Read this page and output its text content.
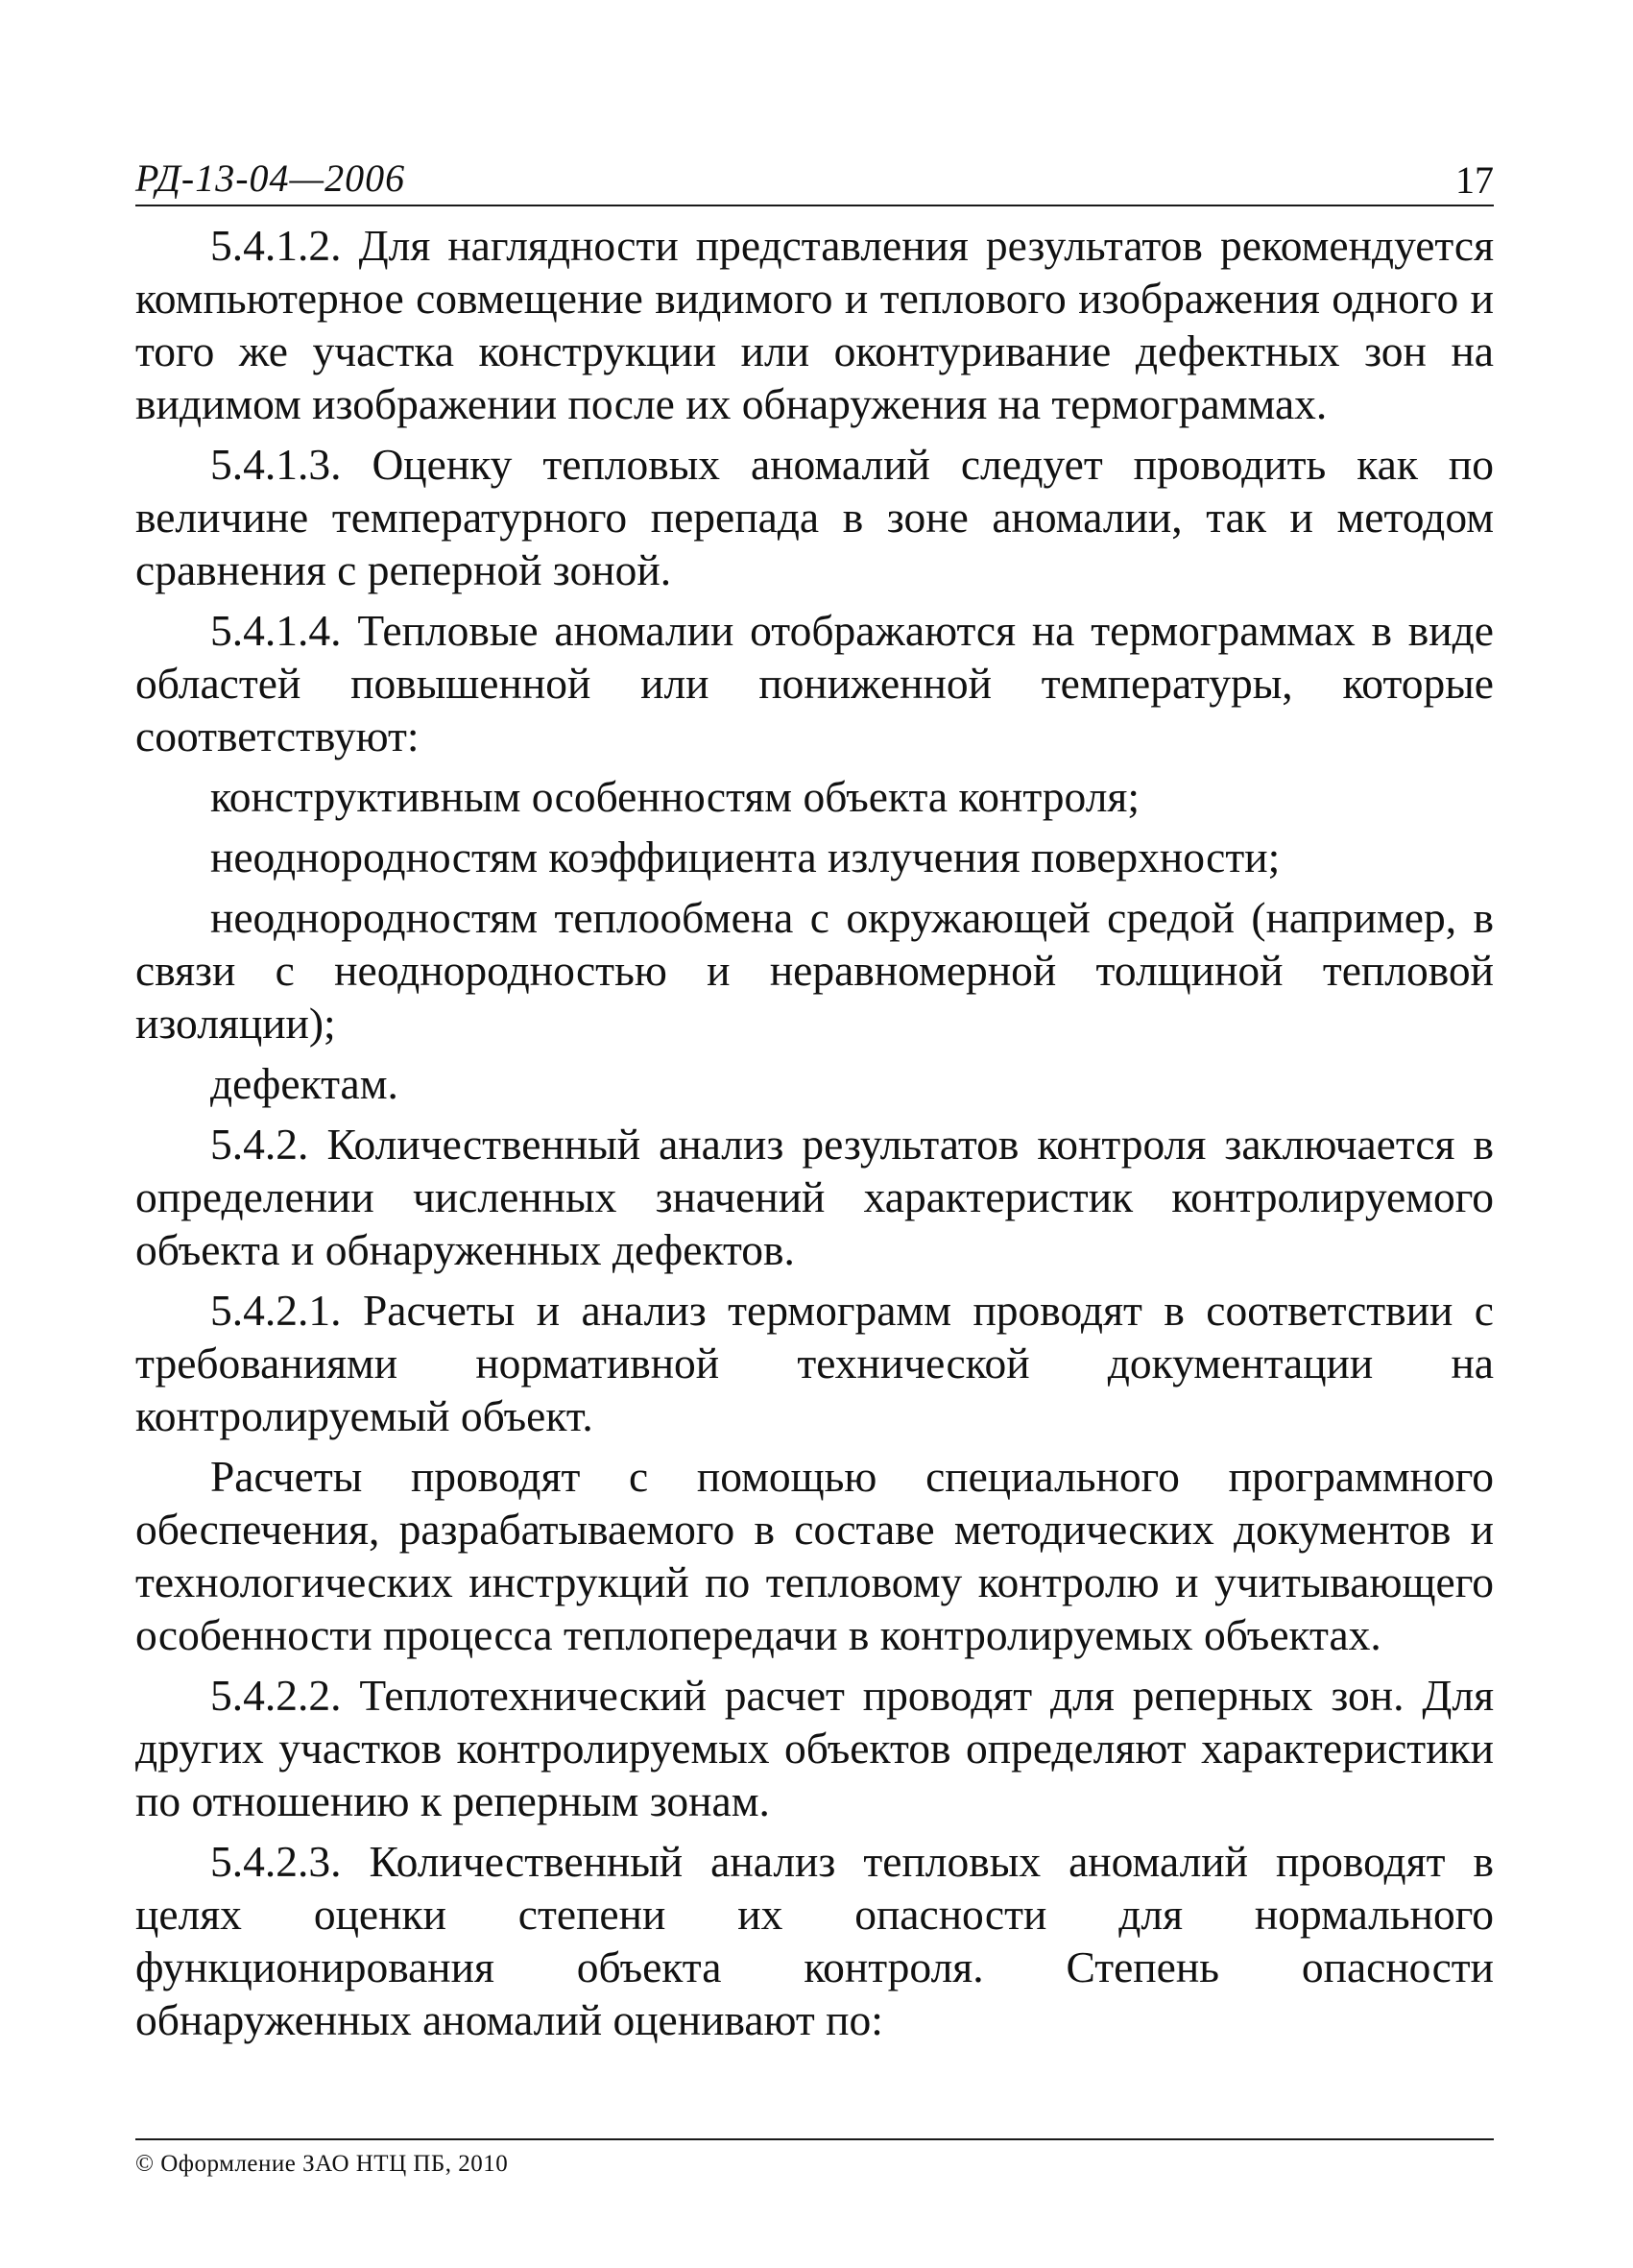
РД-13-04—2006	17

5.4.1.2. Для наглядности представления результатов рекомендуется компьютерное совмещение видимого и теплового изображения одного и того же участка конструкции или оконтуривание дефектных зон на видимом изображении после их обнаружения на термограммах.

5.4.1.3. Оценку тепловых аномалий следует проводить как по величине температурного перепада в зоне аномалии, так и методом сравнения с реперной зоной.

5.4.1.4. Тепловые аномалии отображаются на термограммах в виде областей повышенной или пониженной температуры, которые соответствуют:

конструктивным особенностям объекта контроля;

неоднородностям коэффициента излучения поверхности;

неоднородностям теплообмена с окружающей средой (например, в связи с неоднородностью и неравномерной толщиной тепловой изоляции);

дефектам.

5.4.2. Количественный анализ результатов контроля заключается в определении численных значений характеристик контролируемого объекта и обнаруженных дефектов.

5.4.2.1. Расчеты и анализ термограмм проводят в соответствии с требованиями нормативной технической документации на контролируемый объект.

Расчеты проводят с помощью специального программного обеспечения, разрабатываемого в составе методических документов и технологических инструкций по тепловому контролю и учитывающего особенности процесса теплопередачи в контролируемых объектах.

5.4.2.2. Теплотехнический расчет проводят для реперных зон. Для других участков контролируемых объектов определяют характеристики по отношению к реперным зонам.

5.4.2.3. Количественный анализ тепловых аномалий проводят в целях оценки степени их опасности для нормального функционирования объекта контроля. Степень опасности обнаруженных аномалий оценивают по:

© Оформление ЗАО НТЦ ПБ, 2010
